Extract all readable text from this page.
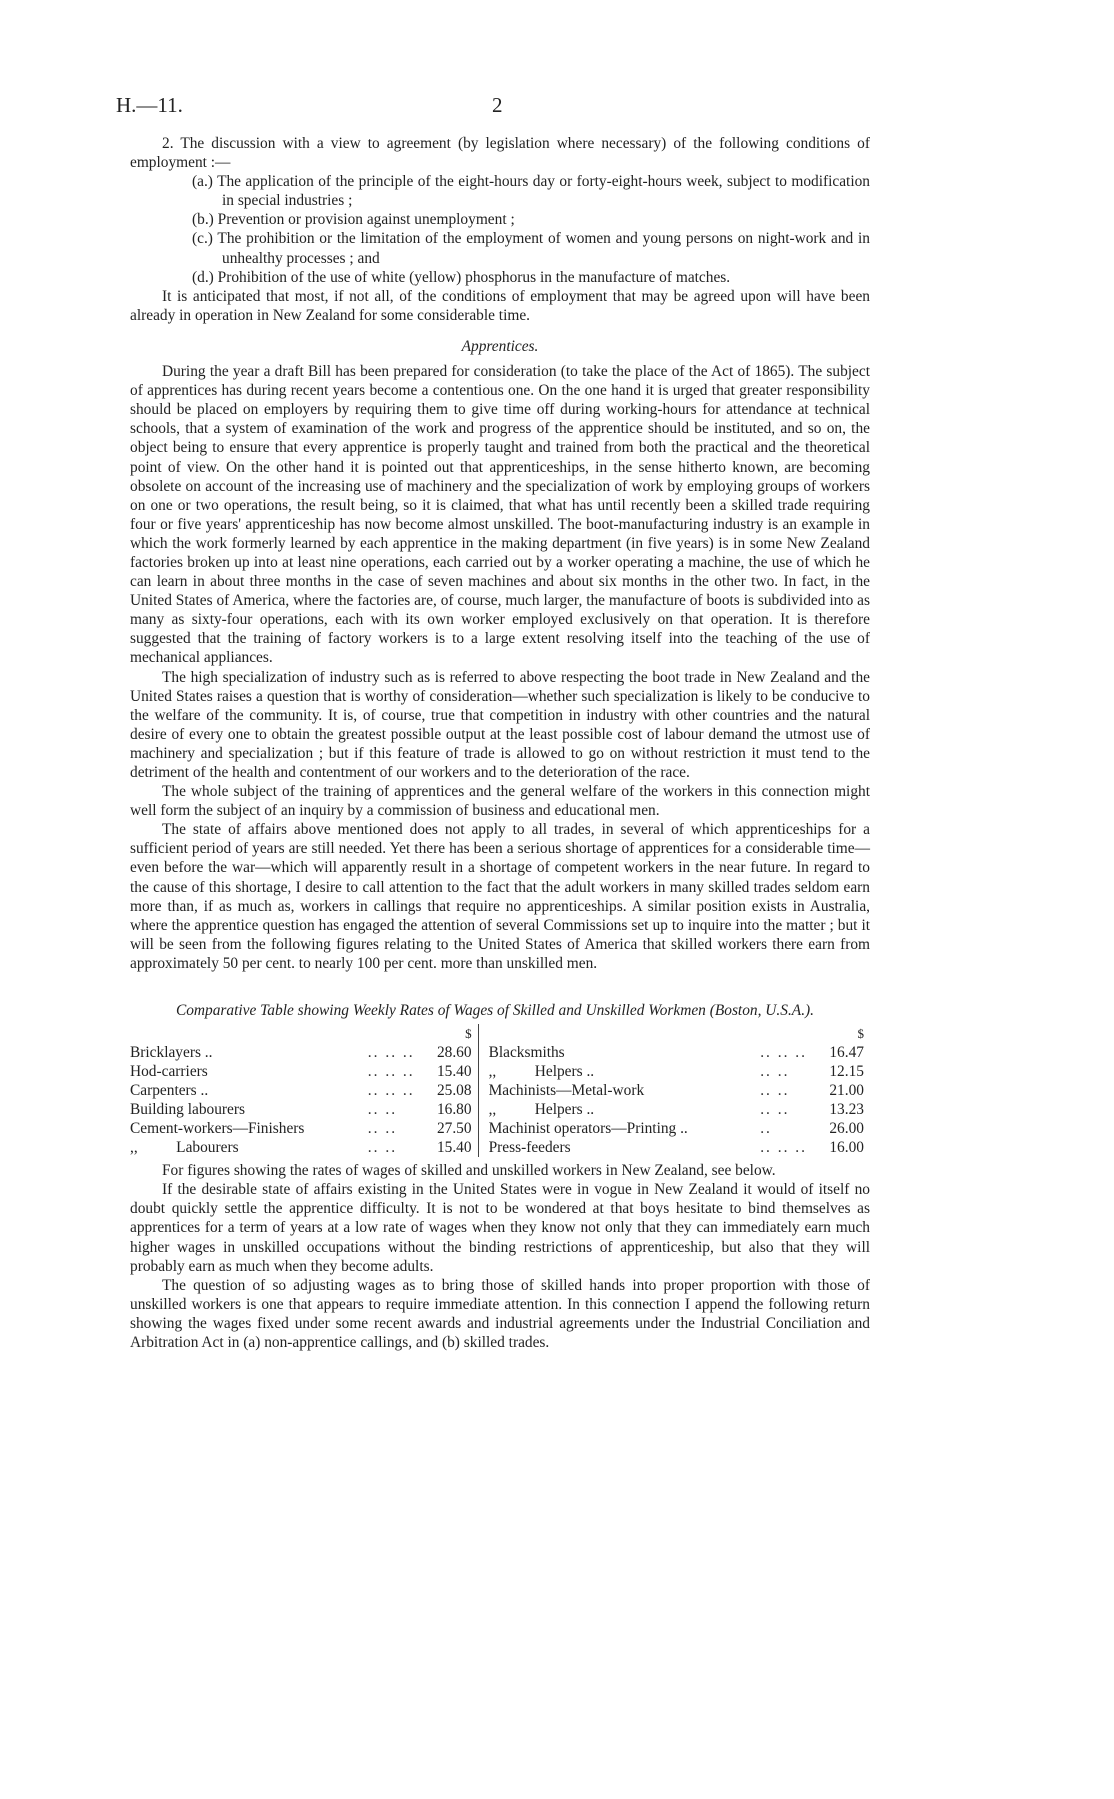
H.—11.	2

2. The discussion with a view to agreement (by legislation where necessary) of the following conditions of employment :—

(a.) The application of the principle of the eight-hours day or forty-eight-hours week, subject to modification in special industries ;

(b.) Prevention or provision against unemployment ;

(c.) The prohibition or the limitation of the employment of women and young persons on night-work and in unhealthy processes ; and

(d.) Prohibition of the use of white (yellow) phosphorus in the manufacture of matches.

It is anticipated that most, if not all, of the conditions of employment that may be agreed upon will have been already in operation in New Zealand for some considerable time.

Apprentices.

During the year a draft Bill has been prepared for consideration (to take the place of the Act of 1865). The subject of apprentices has during recent years become a contentious one. On the one hand it is urged that greater responsibility should be placed on employers by requiring them to give time off during working-hours for attendance at technical schools, that a system of examination of the work and progress of the apprentice should be instituted, and so on, the object being to ensure that every apprentice is properly taught and trained from both the practical and the theoretical point of view. On the other hand it is pointed out that apprenticeships, in the sense hitherto known, are becoming obsolete on account of the increasing use of machinery and the specialization of work by employing groups of workers on one or two operations, the result being, so it is claimed, that what has until recently been a skilled trade requiring four or five years' apprenticeship has now become almost unskilled. The boot-manufacturing industry is an example in which the work formerly learned by each apprentice in the making department (in five years) is in some New Zealand factories broken up into at least nine operations, each carried out by a worker operating a machine, the use of which he can learn in about three months in the case of seven machines and about six months in the other two. In fact, in the United States of America, where the factories are, of course, much larger, the manufacture of boots is subdivided into as many as sixty-four operations, each with its own worker employed exclusively on that operation. It is therefore suggested that the training of factory workers is to a large extent resolving itself into the teaching of the use of mechanical appliances.

The high specialization of industry such as is referred to above respecting the boot trade in New Zealand and the United States raises a question that is worthy of consideration—whether such specialization is likely to be conducive to the welfare of the community. It is, of course, true that competition in industry with other countries and the natural desire of every one to obtain the greatest possible output at the least possible cost of labour demand the utmost use of machinery and specialization ; but if this feature of trade is allowed to go on without restriction it must tend to the detriment of the health and contentment of our workers and to the deterioration of the race.

The whole subject of the training of apprentices and the general welfare of the workers in this connection might well form the subject of an inquiry by a commission of business and educational men.

The state of affairs above mentioned does not apply to all trades, in several of which apprenticeships for a sufficient period of years are still needed. Yet there has been a serious shortage of apprentices for a considerable time—even before the war—which will apparently result in a shortage of competent workers in the near future. In regard to the cause of this shortage, I desire to call attention to the fact that the adult workers in many skilled trades seldom earn more than, if as much as, workers in callings that require no apprenticeships. A similar position exists in Australia, where the apprentice question has engaged the attention of several Commissions set up to inquire into the matter ; but it will be seen from the following figures relating to the United States of America that skilled workers there earn from approximately 50 per cent. to nearly 100 per cent. more than unskilled men.

Comparative Table showing Weekly Rates of Wages of Skilled and Unskilled Workmen (Boston, U.S.A.).
		$				$
Bricklayers ..	.. .. ..	28.60		Blacksmiths	.. .. ..	16.47
Hod-carriers	.. .. ..	15.40		,,          Helpers ..	.. ..	12.15
Carpenters ..	.. .. ..	25.08		Machinists—Metal-work	.. ..	21.00
Building labourers	.. ..	16.80		,,          Helpers ..	.. ..	13.23
Cement-workers—Finishers	.. ..	27.50		Machinist operators—Printing ..	..	26.00
,,          Labourers	.. ..	15.40		Press-feeders	.. .. ..	16.00

For figures showing the rates of wages of skilled and unskilled workers in New Zealand, see below.

If the desirable state of affairs existing in the United States were in vogue in New Zealand it would of itself no doubt quickly settle the apprentice difficulty. It is not to be wondered at that boys hesitate to bind themselves as apprentices for a term of years at a low rate of wages when they know not only that they can immediately earn much higher wages in unskilled occupations without the binding restrictions of apprenticeship, but also that they will probably earn as much when they become adults.

The question of so adjusting wages as to bring those of skilled hands into proper proportion with those of unskilled workers is one that appears to require immediate attention. In this connection I append the following return showing the wages fixed under some recent awards and industrial agreements under the Industrial Conciliation and Arbitration Act in (a) non-apprentice callings, and (b) skilled trades.
